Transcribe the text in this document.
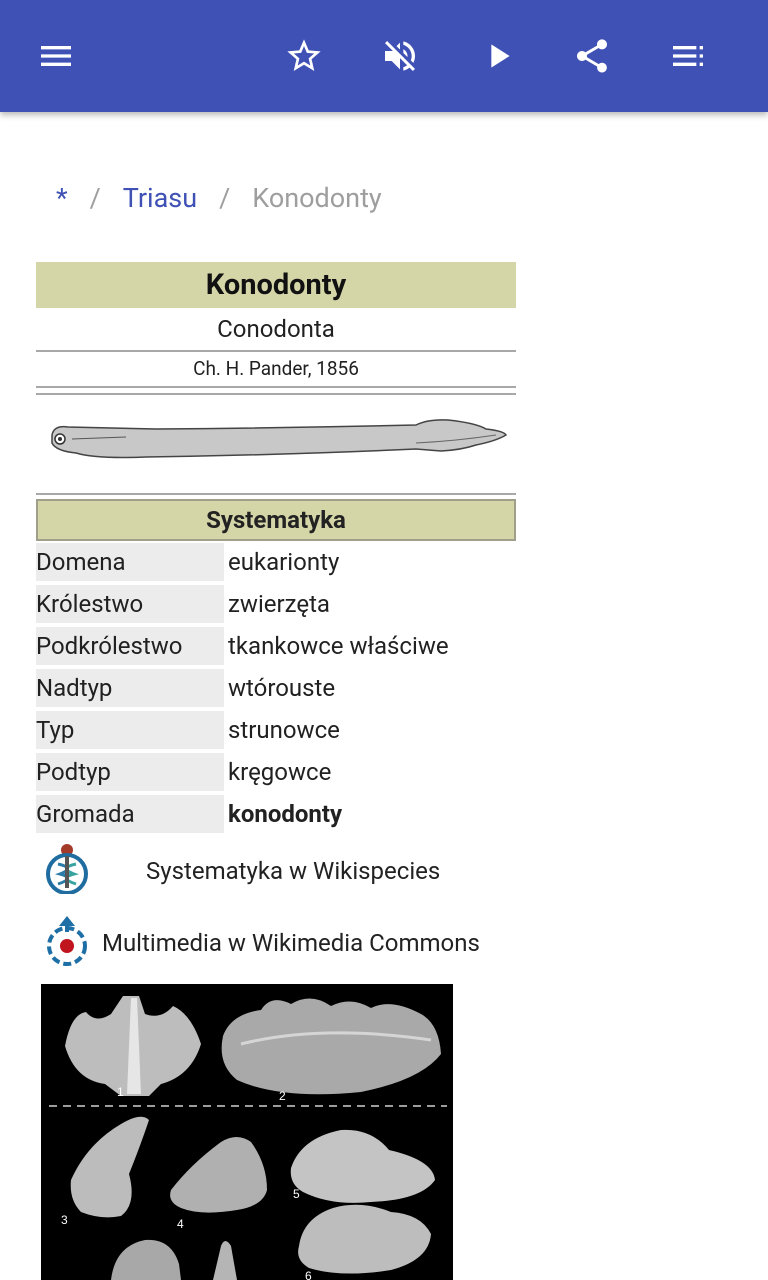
* / Triasu / Konodonty
Konodonty
Conodonta
Ch. H. Pander, 1856
Systematyka
Domena	eukarionty
Królestwo	zwierzęta
Podkrólestwo	tkankowce właściwe
Nadtyp	wtórouste
Typ	strunowce
Podtyp	kręgowce
Gromada	konodonty
Systematyka w Wikispecies
Multimedia w Wikimedia Commons
1	2
3	4
5
6
